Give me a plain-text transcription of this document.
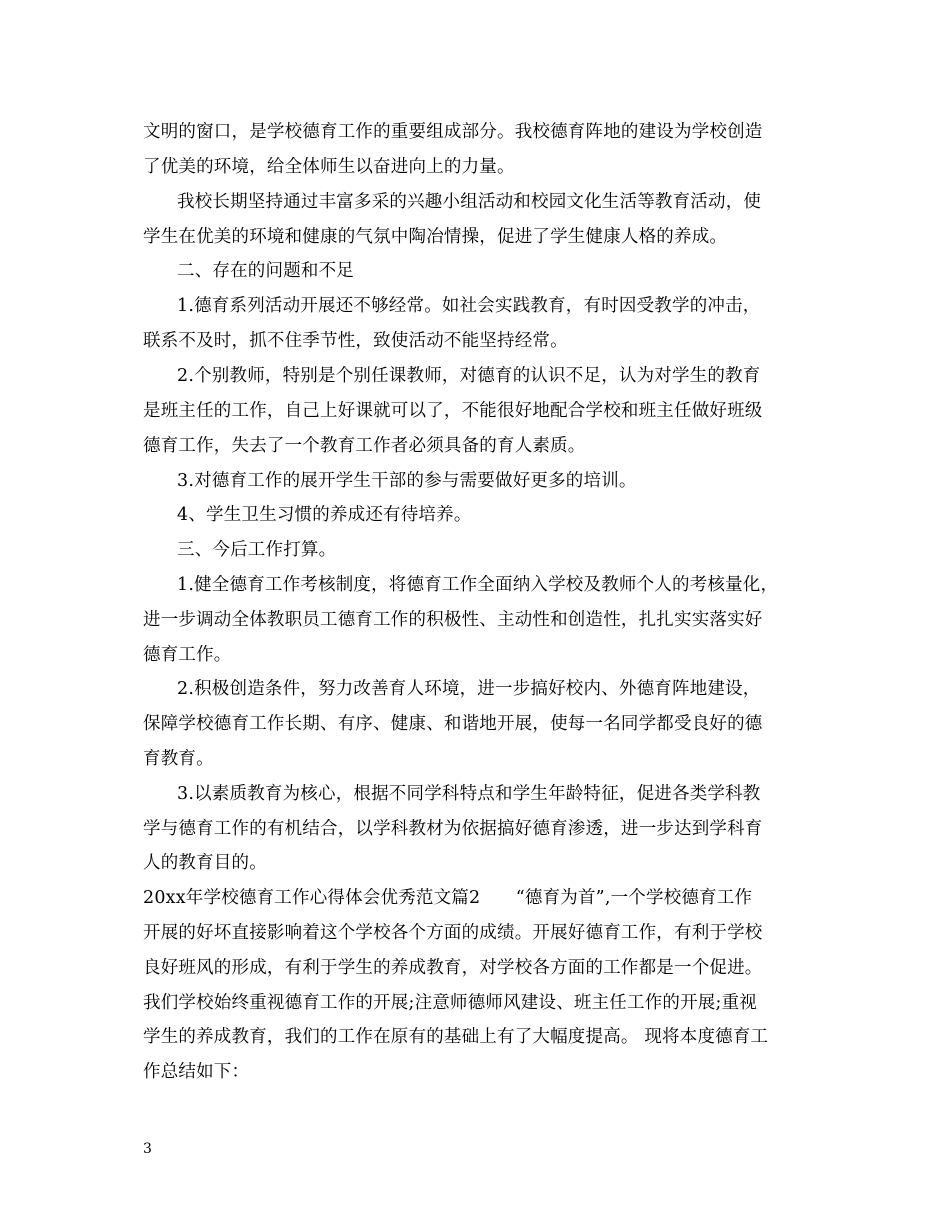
文明的窗口，是学校德育工作的重要组成部分。我校德育阵地的建设为学校创造
了优美的环境，给全体师生以奋进向上的力量。
我校长期坚持通过丰富多采的兴趣小组活动和校园文化生活等教育活动，使
学生在优美的环境和健康的气氛中陶冶情操，促进了学生健康人格的养成。
二、存在的问题和不足
1.德育系列活动开展还不够经常。如社会实践教育，有时因受教学的冲击，
联系不及时，抓不住季节性，致使活动不能坚持经常。
2.个别教师，特别是个别任课教师，对德育的认识不足，认为对学生的教育
是班主任的工作，自己上好课就可以了，不能很好地配合学校和班主任做好班级
德育工作，失去了一个教育工作者必须具备的育人素质。
3.对德育工作的展开学生干部的参与需要做好更多的培训。
4、学生卫生习惯的养成还有待培养。
三、今后工作打算。
1.健全德育工作考核制度，将德育工作全面纳入学校及教师个人的考核量化，
进一步调动全体教职员工德育工作的积极性、主动性和创造性，扎扎实实落实好
德育工作。
2.积极创造条件，努力改善育人环境，进一步搞好校内、外德育阵地建设，
保障学校德育工作长期、有序、健康、和谐地开展，使每一名同学都受良好的德
育教育。
3.以素质教育为核心，根据不同学科特点和学生年龄特征，促进各类学科教
学与德育工作的有机结合，以学科教材为依据搞好德育渗透，进一步达到学科育
人的教育目的。
20xx年学校德育工作心得体会优秀范文篇2　　“德育为首”,一个学校德育工作
开展的好坏直接影响着这个学校各个方面的成绩。开展好德育工作，有利于学校
良好班风的形成，有利于学生的养成教育，对学校各方面的工作都是一个促进。
我们学校始终重视德育工作的开展;注意师德师风建设、班主任工作的开展;重视
学生的养成教育，我们的工作在原有的基础上有了大幅度提高。 现将本度德育工
作总结如下：
3
